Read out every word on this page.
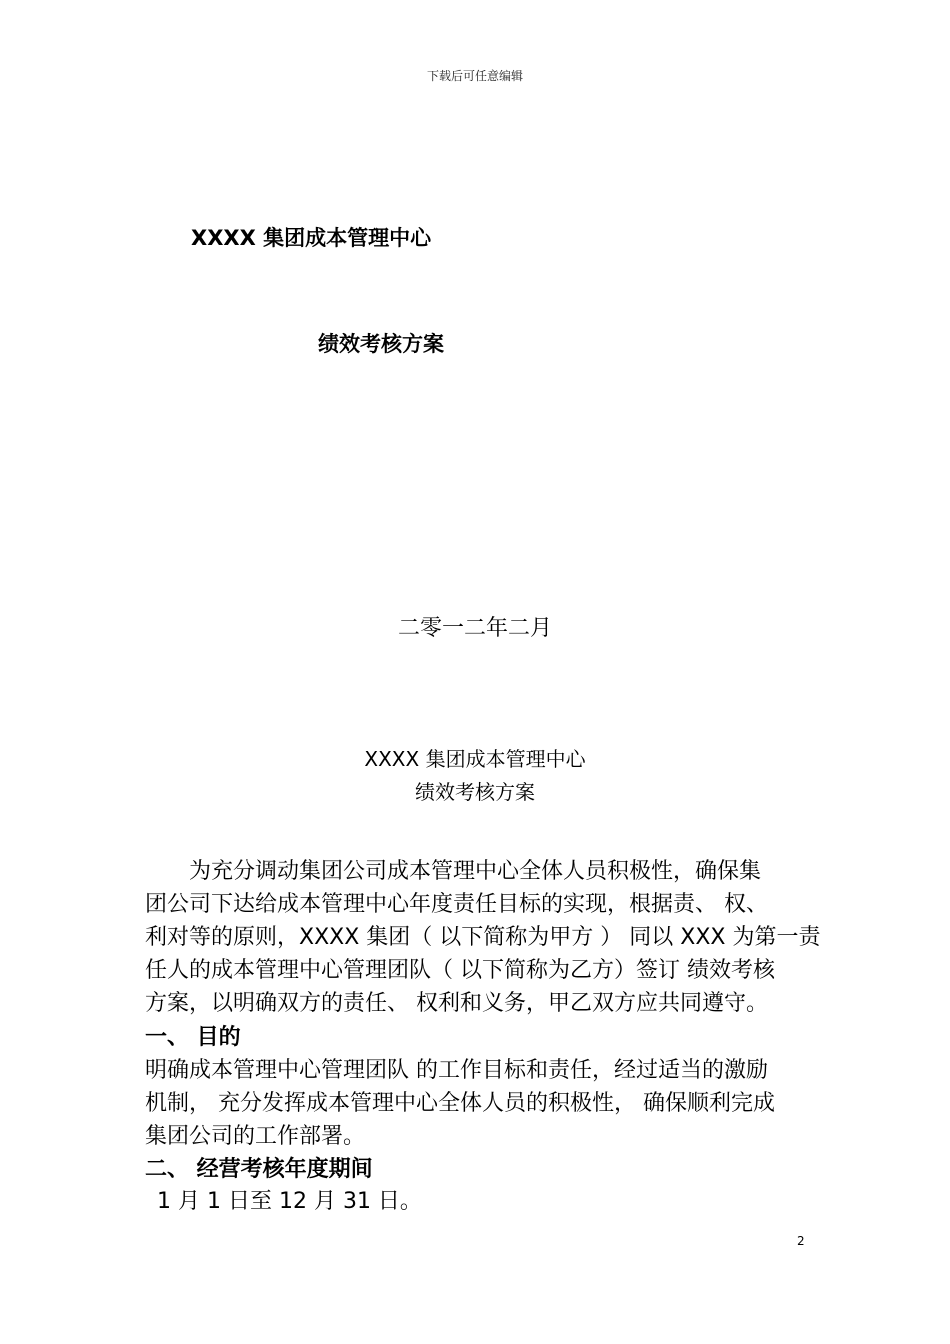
下载后可任意编辑
XXXX 集团成本管理中心
绩效考核方案
二零一二年二月
XXXX 集团成本管理中心
绩效考核方案
为充分调动集团公司成本管理中心全体人员积极性，确保集
团公司下达给成本管理中心年度责任目标的实现，根据责、 权、
利对等的原则，XXXX 集团（ 以下简称为甲方 ） 同以 XXX 为第一责
任人的成本管理中心管理团队（ 以下简称为乙方）签订 绩效考核
方案，以明确双方的责任、 权利和义务，甲乙双方应共同遵守。
一、 目的
明确成本管理中心管理团队 的工作目标和责任，经过适当的激励
机制， 充分发挥成本管理中心全体人员的积极性， 确保顺利完成
集团公司的工作部署。
二、 经营考核年度期间
1 月 1 日至 12 月 31 日。
2
